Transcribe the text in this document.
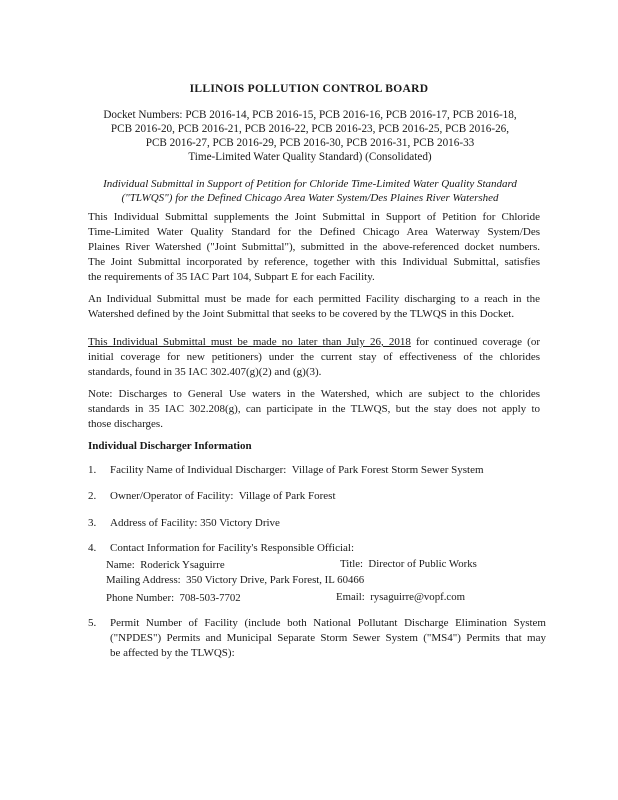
ILLINOIS POLLUTION CONTROL BOARD
Docket Numbers: PCB 2016-14, PCB 2016-15, PCB 2016-16, PCB 2016-17, PCB 2016-18,
PCB 2016-20, PCB 2016-21, PCB 2016-22, PCB 2016-23, PCB 2016-25, PCB 2016-26,
PCB 2016-27, PCB 2016-29, PCB 2016-30, PCB 2016-31, PCB 2016-33
Time-Limited Water Quality Standard) (Consolidated)
Individual Submittal in Support of Petition for Chloride Time-Limited Water Quality Standard
("TLWQS") for the Defined Chicago Area Water System/Des Plaines River Watershed
This Individual Submittal supplements the Joint Submittal in Support of Petition for Chloride
Time-Limited Water Quality Standard for the Defined Chicago Area Waterway System/Des
Plaines River Watershed ("Joint Submittal"), submitted in the above-referenced docket numbers.
The Joint Submittal incorporated by reference, together with this Individual Submittal, satisfies
the requirements of 35 IAC Part 104, Subpart E for each Facility.
An Individual Submittal must be made for each permitted Facility discharging to a reach in the
Watershed defined by the Joint Submittal that seeks to be covered by the TLWQS in this Docket.
This Individual Submittal must be made no later than July 26, 2018 for continued coverage (or
initial coverage for new petitioners) under the current stay of effectiveness of the chlorides
standards, found in 35 IAC 302.407(g)(2) and (g)(3).
Note: Discharges to General Use waters in the Watershed, which are subject to the chlorides
standards in 35 IAC 302.208(g), can participate in the TLWQS, but the stay does not apply to
those discharges.
Individual Discharger Information
1.	Facility Name of Individual Discharger: Village of Park Forest Storm Sewer System
2.	Owner/Operator of Facility: Village of Park Forest
3.	Address of Facility: 350 Victory Drive
4.	Contact Information for Facility's Responsible Official:
Name: Roderick Ysaguirre	Title: Director of Public Works
Mailing Address: 350 Victory Drive, Park Forest, IL 60466
Phone Number: 708-503-7702	Email: rysaguirre@vopf.com
5.	Permit Number of Facility (include both National Pollutant Discharge Elimination System
("NPDES") Permits and Municipal Separate Storm Sewer System ("MS4") Permits that may
be affected by the TLWQS):
